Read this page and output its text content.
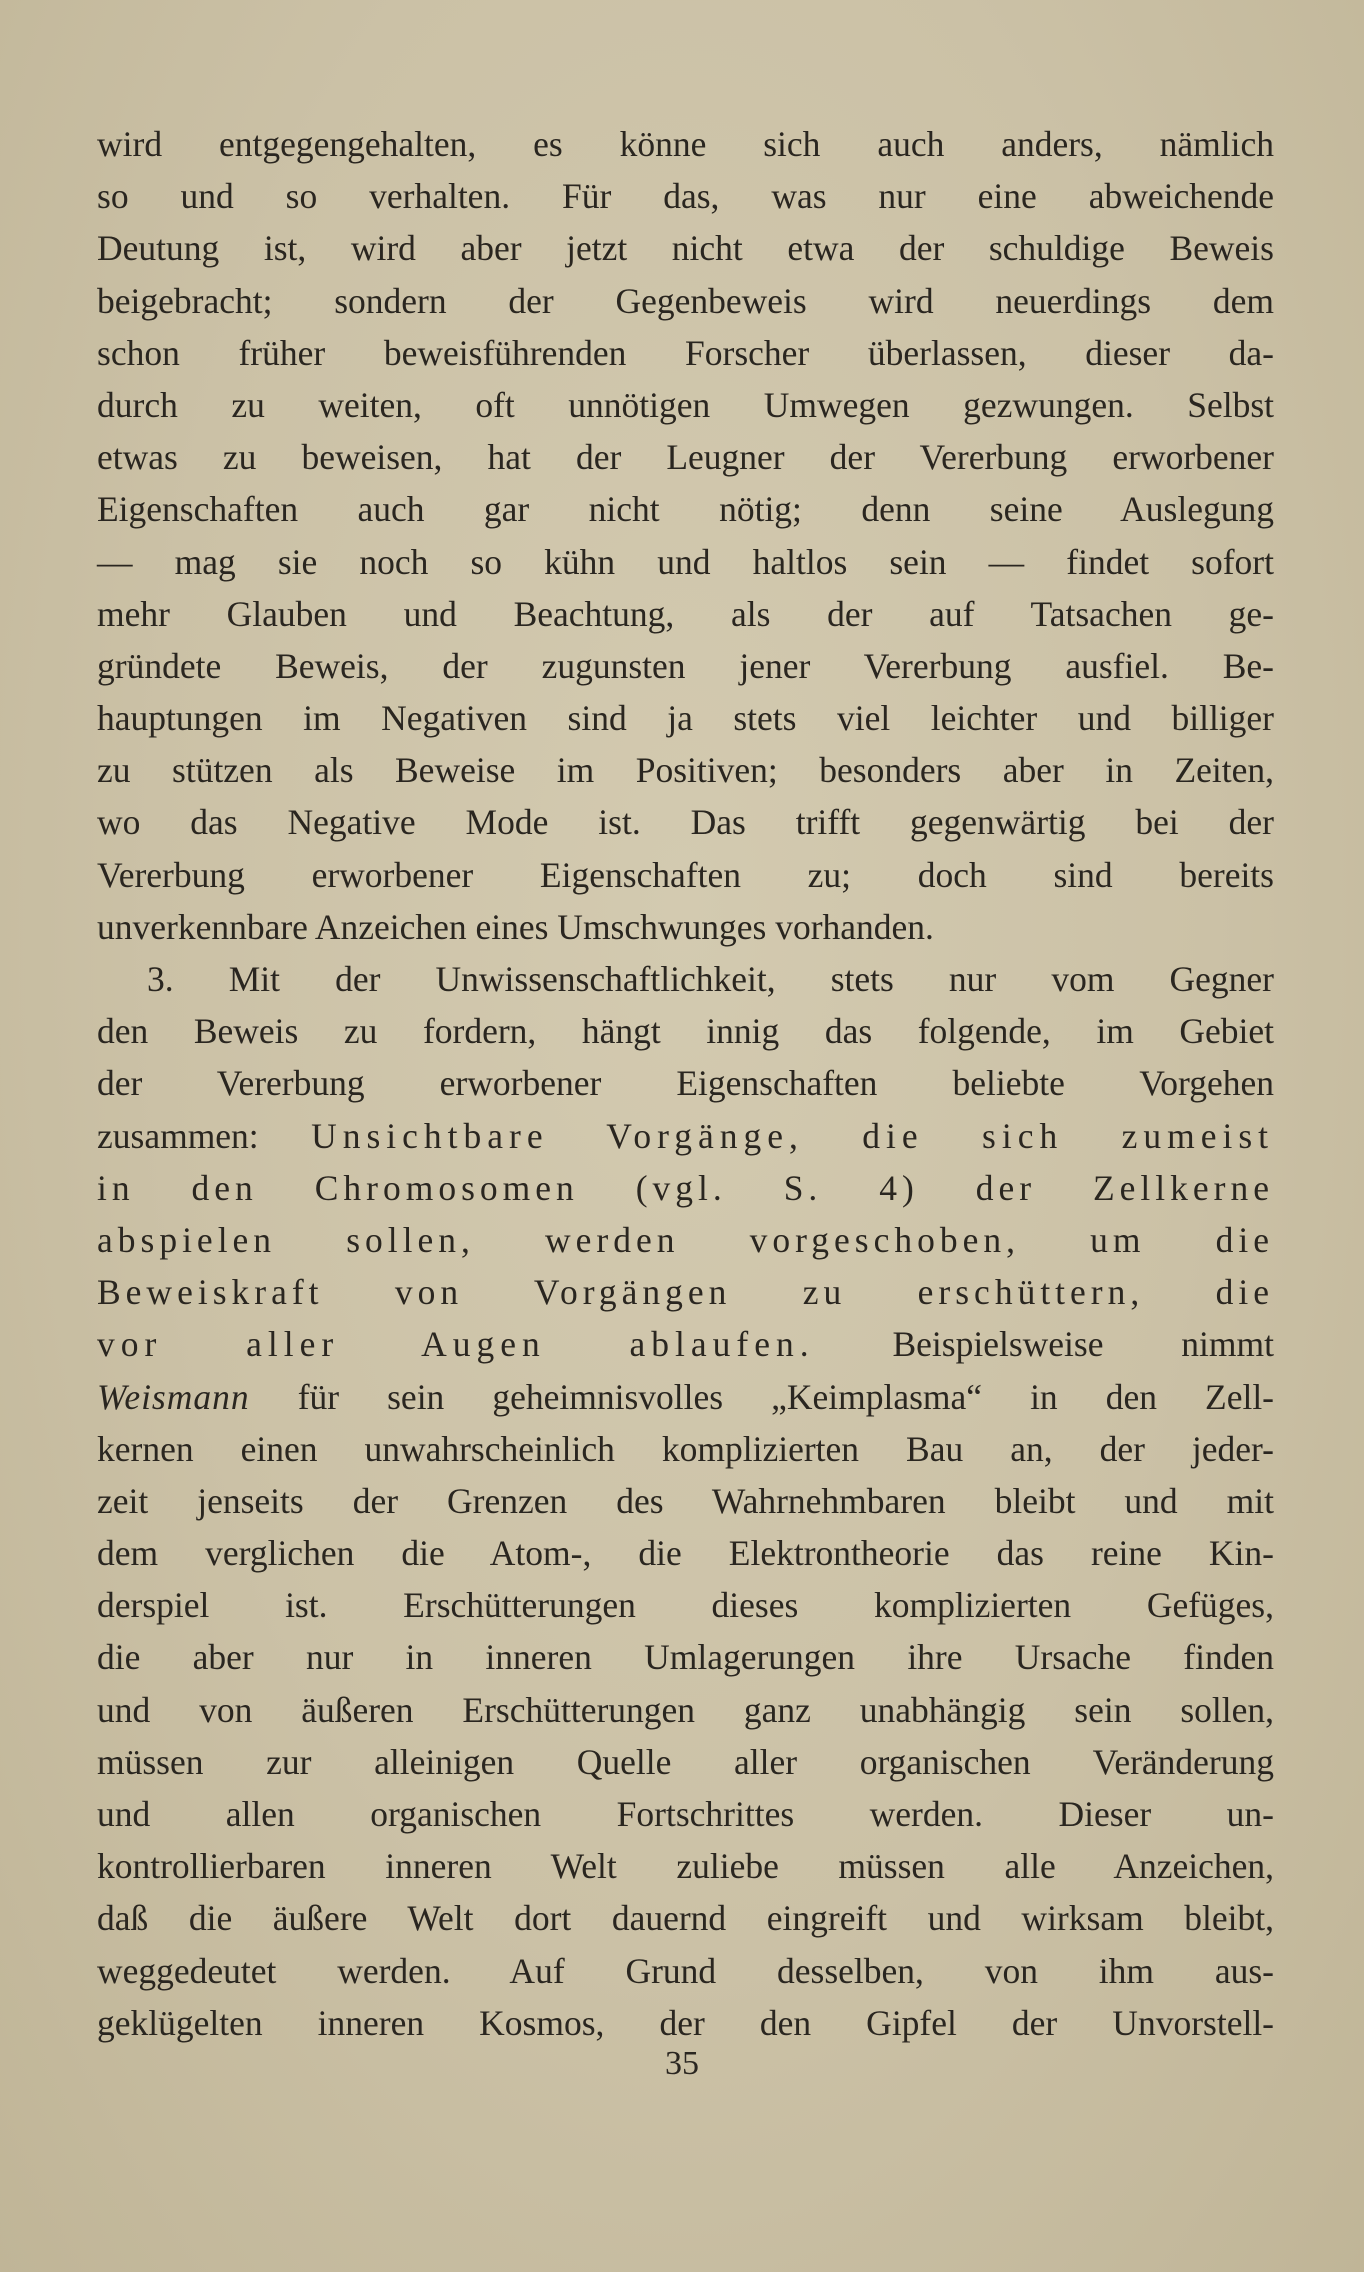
wird entgegengehalten, es könne sich auch anders, nämlich
so und so verhalten. Für das, was nur eine abweichende
Deutung ist, wird aber jetzt nicht etwa der schuldige Beweis
beigebracht; sondern der Gegenbeweis wird neuerdings dem
schon früher beweisführenden Forscher überlassen, dieser da-
durch zu weiten, oft unnötigen Umwegen gezwungen. Selbst
etwas zu beweisen, hat der Leugner der Vererbung erworbener
Eigenschaften auch gar nicht nötig; denn seine Auslegung
— mag sie noch so kühn und haltlos sein — findet sofort
mehr Glauben und Beachtung, als der auf Tatsachen ge-
gründete Beweis, der zugunsten jener Vererbung ausfiel. Be-
hauptungen im Negativen sind ja stets viel leichter und billiger
zu stützen als Beweise im Positiven; besonders aber in Zeiten,
wo das Negative Mode ist. Das trifft gegenwärtig bei der
Vererbung erworbener Eigenschaften zu; doch sind bereits
unverkennbare Anzeichen eines Umschwunges vorhanden.
3. Mit der Unwissenschaftlichkeit, stets nur vom Gegner
den Beweis zu fordern, hängt innig das folgende, im Gebiet
der Vererbung erworbener Eigenschaften beliebte Vorgehen
zusammen: Unsichtbare Vorgänge, die sich zumeist
in den Chromosomen (vgl. S. 4) der Zellkerne
abspielen sollen, werden vorgeschoben, um die
Beweiskraft von Vorgängen zu erschüttern, die
vor aller Augen ablaufen. Beispielsweise nimmt
Weismann für sein geheimnisvolles „Keimplasma“ in den Zell-
kernen einen unwahrscheinlich komplizierten Bau an, der jeder-
zeit jenseits der Grenzen des Wahrnehmbaren bleibt und mit
dem verglichen die Atom-, die Elektrontheorie das reine Kin-
derspiel ist. Erschütterungen dieses komplizierten Gefüges,
die aber nur in inneren Umlagerungen ihre Ursache finden
und von äußeren Erschütterungen ganz unabhängig sein sollen,
müssen zur alleinigen Quelle aller organischen Veränderung
und allen organischen Fortschrittes werden. Dieser un-
kontrollierbaren inneren Welt zuliebe müssen alle Anzeichen,
daß die äußere Welt dort dauernd eingreift und wirksam bleibt,
weggedeutet werden. Auf Grund desselben, von ihm aus-
geklügelten inneren Kosmos, der den Gipfel der Unvorstell-
35
